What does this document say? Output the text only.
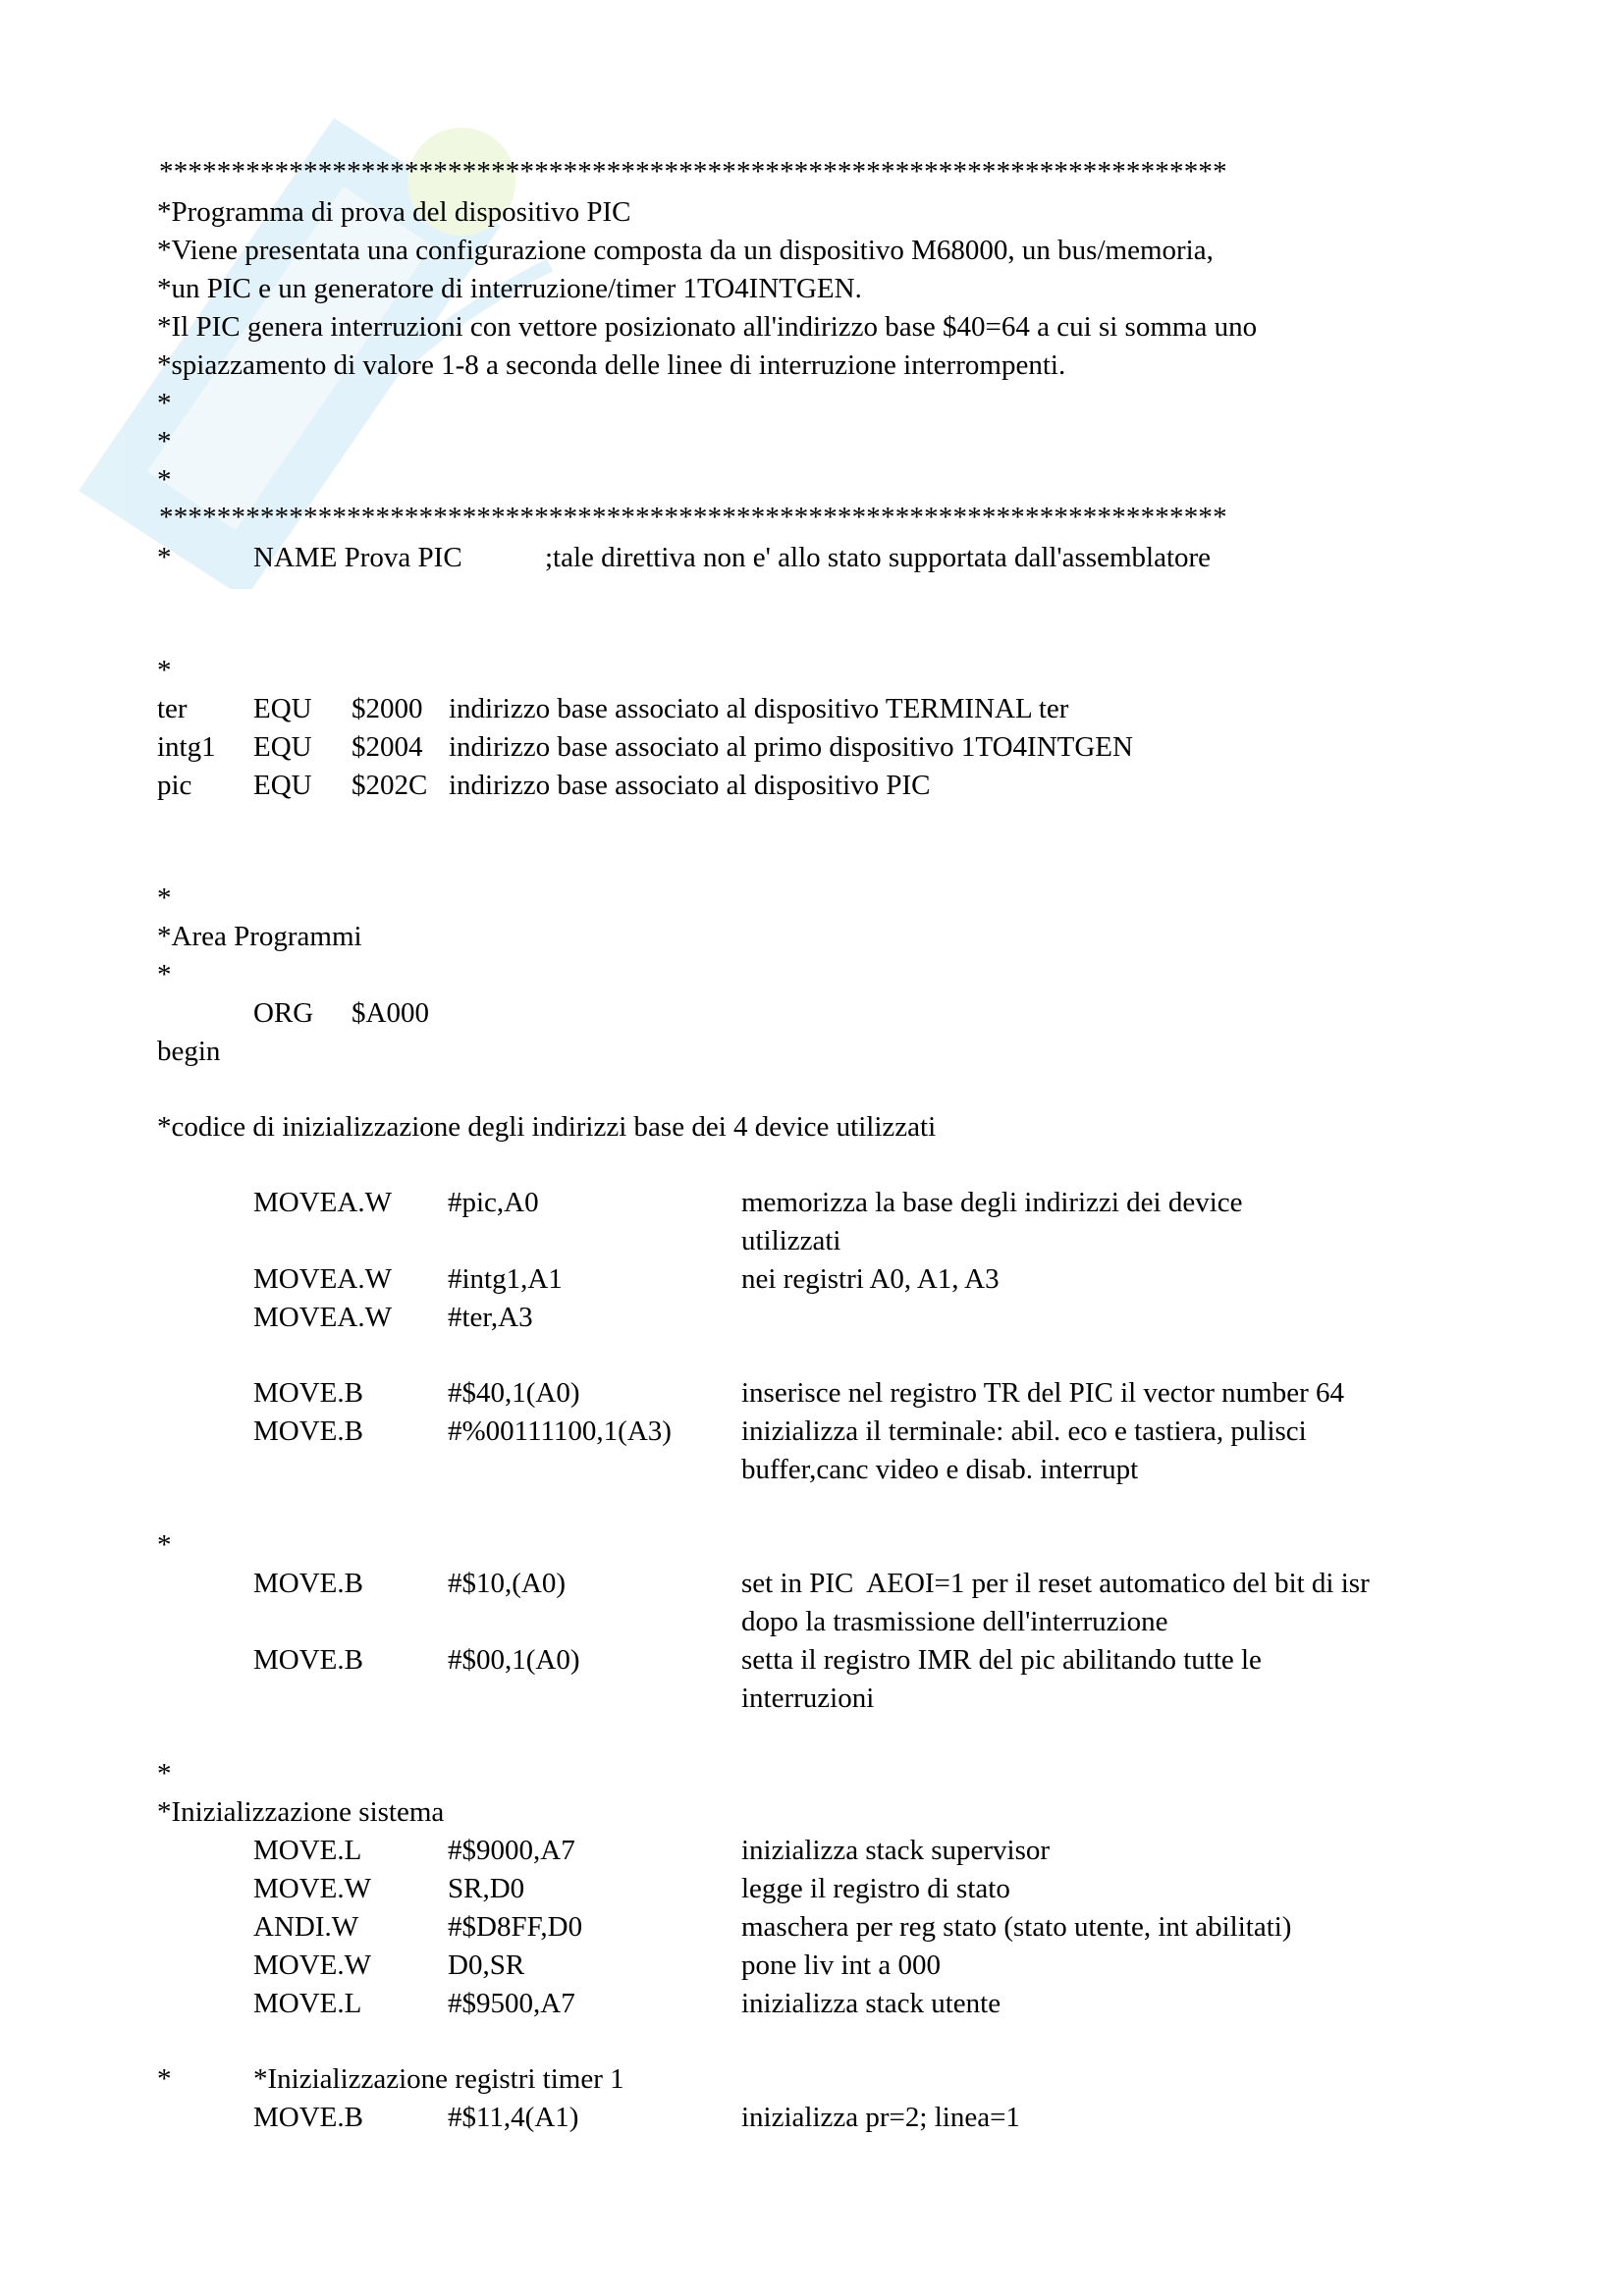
**************************************************************************
*Programma di prova del dispositivo PIC
*Viene presentata una configurazione composta da un dispositivo M68000, un bus/memoria,
*un PIC e un generatore di interruzione/timer 1TO4INTGEN.
*Il PIC genera interruzioni con vettore posizionato all'indirizzo base $40=64 a cui si somma uno
*spiazzamento di valore 1-8 a seconda delle linee di interruzione interrompenti.
*
*
*
**************************************************************************
*	NAME Prova PIC	;tale direttiva non e' allo stato supportata dall'assemblatore
*
ter EQU $2000 indirizzo base associato al dispositivo TERMINAL ter
intg1 EQU $2004 indirizzo base associato al primo dispositivo 1TO4INTGEN
pic EQU $202C indirizzo base associato al dispositivo PIC
*
*Area Programmi
*
ORG $A000
begin
*codice di inizializzazione degli indirizzi base dei 4 device utilizzati
MOVEA.W #pic,A0	memorizza la base degli indirizzi dei device
utilizzati
MOVEA.W #intg1,A1	nei registri A0, A1, A3
MOVEA.W #ter,A3
MOVE.B	#$40,1(A0)	inserisce nel registro TR del PIC il vector number 64
MOVE.B	#%00111100,1(A3) inizializza il terminale: abil. eco e tastiera, pulisci
buffer,canc video e disab. interrupt
*
MOVE.B	#$10,(A0)	set in PIC  AEOI=1 per il reset automatico del bit di isr
dopo la trasmissione dell'interruzione
MOVE.B	#$00,1(A0)	setta il registro IMR del pic abilitando tutte le
interruzioni
*
*Inizializzazione sistema
MOVE.L	#$9000,A7	inizializza stack supervisor
MOVE.W	SR,D0	legge il registro di stato
ANDI.W	#$D8FF,D0	maschera per reg stato (stato utente, int abilitati)
MOVE.W	D0,SR	pone liv int a 000
MOVE.L	#$9500,A7	inizializza stack utente
*	*Inizializzazione registri timer 1
MOVE.B	#$11,4(A1)	inizializza pr=2; linea=1
